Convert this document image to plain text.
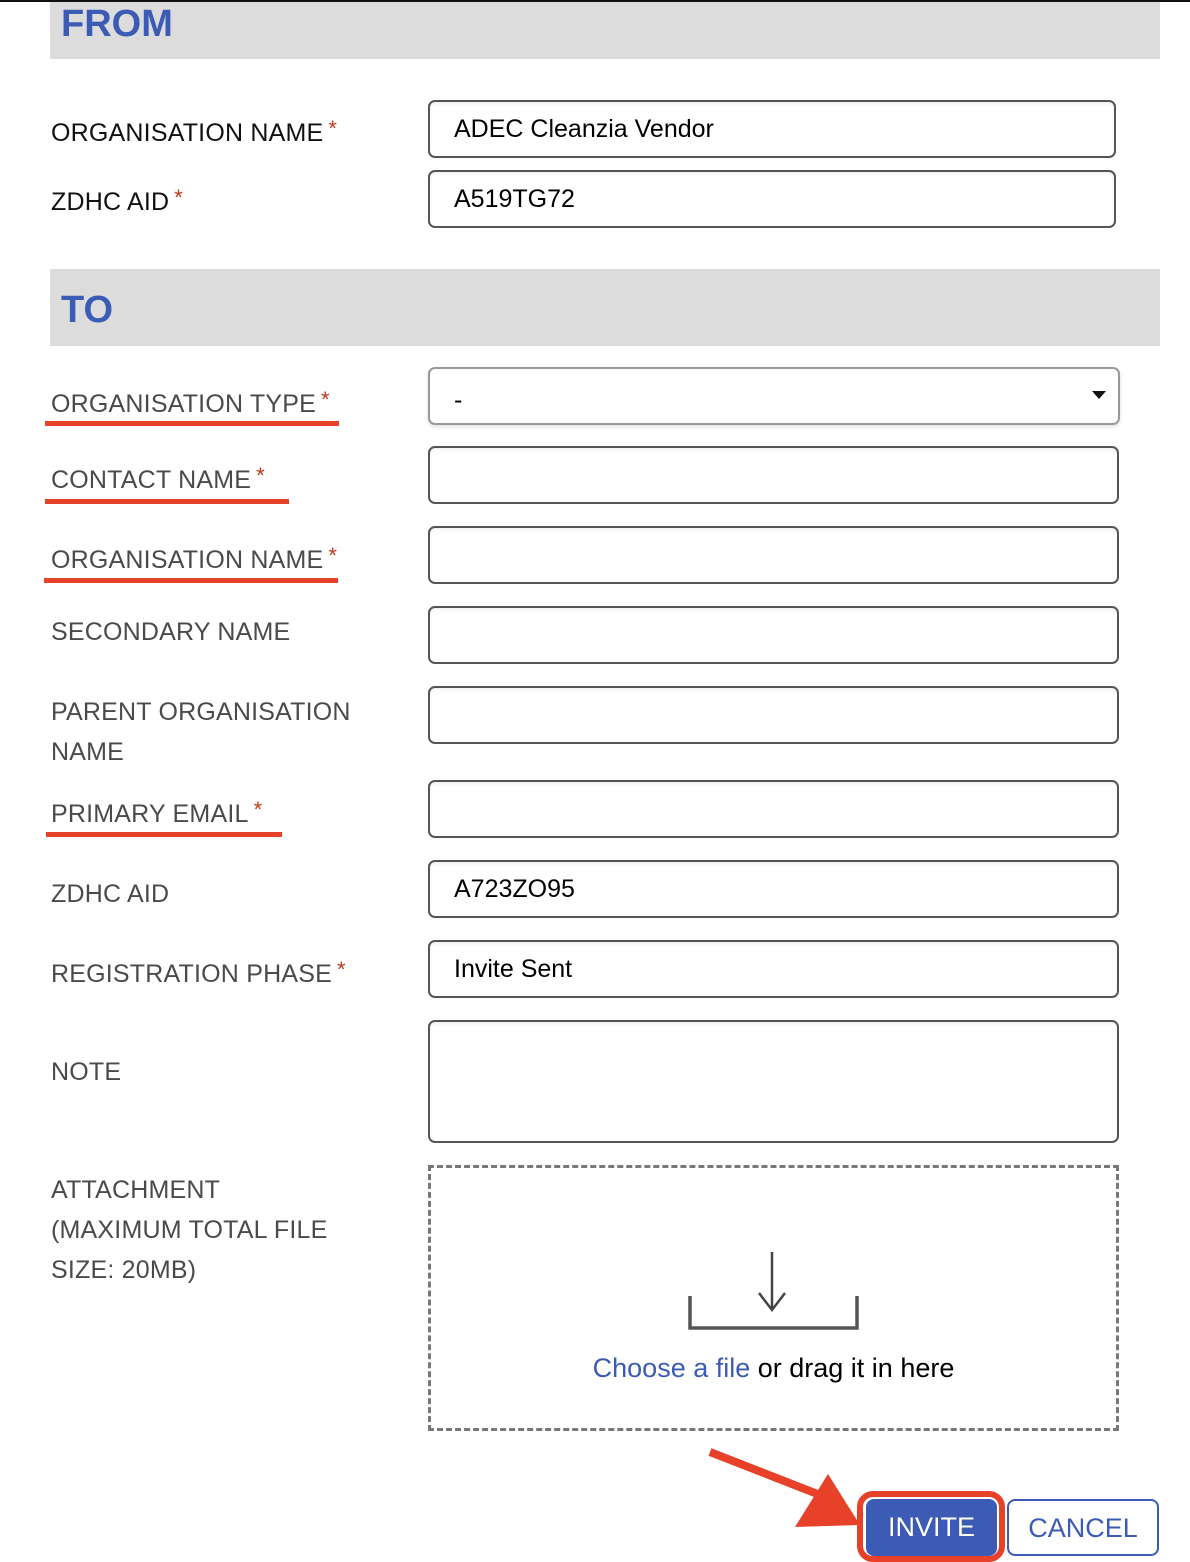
FROM
ORGANISATION NAME *
ADEC Cleanzia Vendor
ZDHC AID *
A519TG72
TO
ORGANISATION TYPE *	-
CONTACT NAME *
ORGANISATION NAME *
SECONDARY NAME
PARENT ORGANISATION
NAME
PRIMARY EMAIL *
ZDHC AID
A723ZO95
REGISTRATION PHASE *
Invite Sent
NOTE
ATTACHMENT
(MAXIMUM TOTAL FILE
SIZE: 20MB)
Choose a file or drag it in here
INVITE	CANCEL
